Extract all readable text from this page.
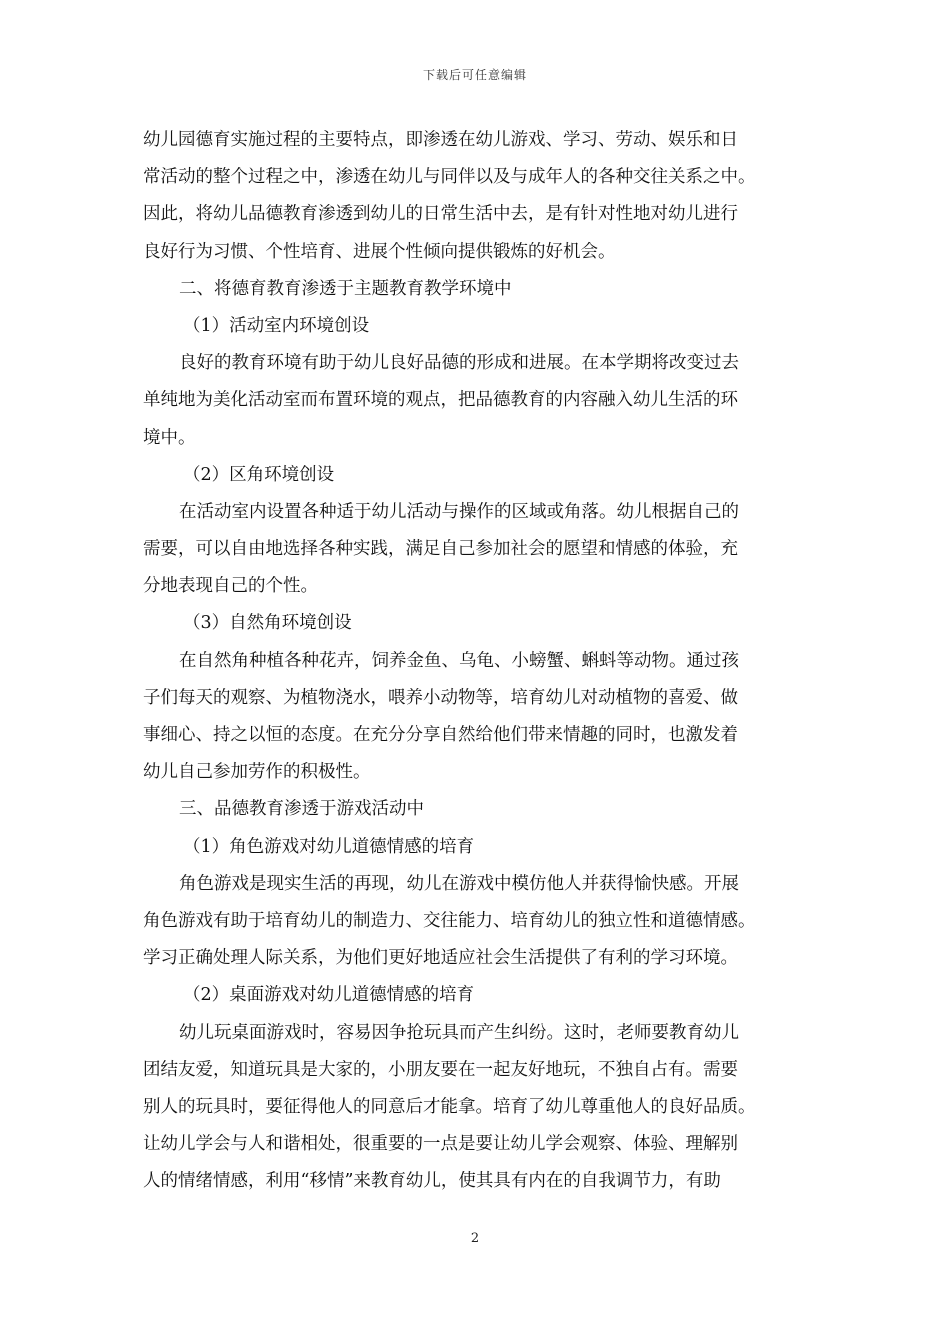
下载后可任意编辑
幼儿园德育实施过程的主要特点，即渗透在幼儿游戏、学习、劳动、娱乐和日
常活动的整个过程之中，渗透在幼儿与同伴以及与成年人的各种交往关系之中。
因此，将幼儿品德教育渗透到幼儿的日常生活中去，是有针对性地对幼儿进行
良好行为习惯、个性培育、进展个性倾向提供锻炼的好机会。
二、将德育教育渗透于主题教育教学环境中
（1）活动室内环境创设
良好的教育环境有助于幼儿良好品德的形成和进展。在本学期将改变过去
单纯地为美化活动室而布置环境的观点，把品德教育的内容融入幼儿生活的环
境中。
（2）区角环境创设
在活动室内设置各种适于幼儿活动与操作的区域或角落。幼儿根据自己的
需要，可以自由地选择各种实践，满足自己参加社会的愿望和情感的体验，充
分地表现自己的个性。
（3）自然角环境创设
在自然角种植各种花卉，饲养金鱼、乌龟、小螃蟹、蝌蚪等动物。通过孩
子们每天的观察、为植物浇水，喂养小动物等，培育幼儿对动植物的喜爱、做
事细心、持之以恒的态度。在充分分享自然给他们带来情趣的同时，也激发着
幼儿自己参加劳作的积极性。
三、品德教育渗透于游戏活动中
（1）角色游戏对幼儿道德情感的培育
角色游戏是现实生活的再现，幼儿在游戏中模仿他人并获得愉快感。开展
角色游戏有助于培育幼儿的制造力、交往能力、培育幼儿的独立性和道德情感。
学习正确处理人际关系，为他们更好地适应社会生活提供了有利的学习环境。
（2）桌面游戏对幼儿道德情感的培育
幼儿玩桌面游戏时，容易因争抢玩具而产生纠纷。这时，老师要教育幼儿
团结友爱，知道玩具是大家的，小朋友要在一起友好地玩，不独自占有。需要
别人的玩具时，要征得他人的同意后才能拿。培育了幼儿尊重他人的良好品质。
让幼儿学会与人和谐相处，很重要的一点是要让幼儿学会观察、体验、理解别
人的情绪情感，利用“移情”来教育幼儿，使其具有内在的自我调节力，有助
2
